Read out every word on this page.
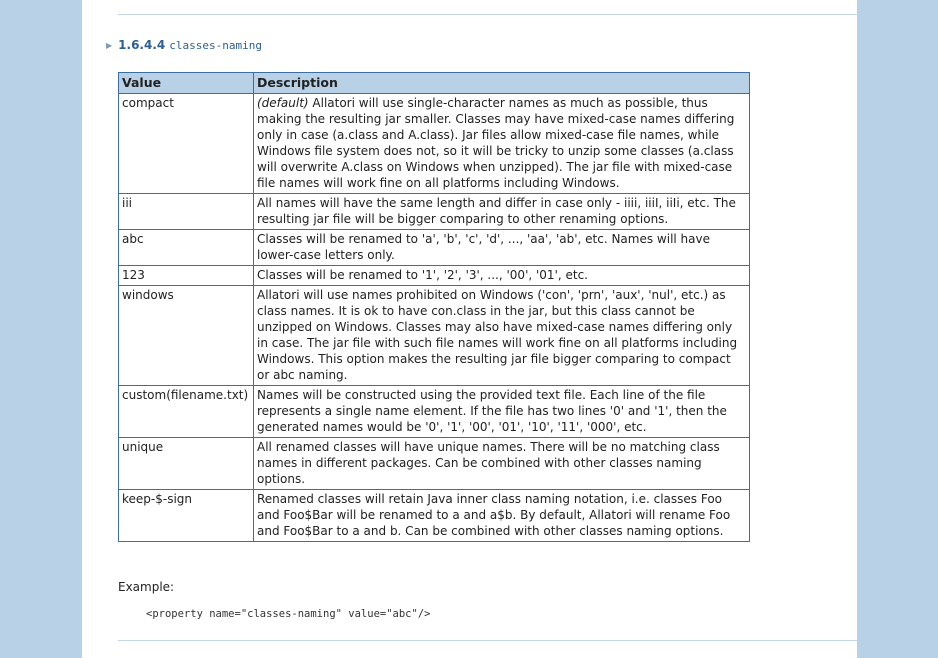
▶ 1.6.4.4 classes-naming
Value	Description
compact	(default) Allatori will use single-character names as much as possible, thus making the resulting jar smaller. Classes may have mixed-case names differing only in case (a.class and A.class). Jar files allow mixed-case file names, while Windows file system does not, so it will be tricky to unzip some classes (a.class will overwrite A.class on Windows when unzipped). The jar file with mixed-case file names will work fine on all platforms including Windows.
iii	All names will have the same length and differ in case only - iiii, iiiI, iiIi, etc. The resulting jar file will be bigger comparing to other renaming options.
abc	Classes will be renamed to 'a', 'b', 'c', 'd', ..., 'aa', 'ab', etc. Names will have lower-case letters only.
123	Classes will be renamed to '1', '2', '3', ..., '00', '01', etc.
windows	Allatori will use names prohibited on Windows ('con', 'prn', 'aux', 'nul', etc.) as class names. It is ok to have con.class in the jar, but this class cannot be unzipped on Windows. Classes may also have mixed-case names differing only in case. The jar file with such file names will work fine on all platforms including Windows. This option makes the resulting jar file bigger comparing to compact or abc naming.
custom(filename.txt)	Names will be constructed using the provided text file. Each line of the file represents a single name element. If the file has two lines '0' and '1', then the generated names would be '0', '1', '00', '01', '10', '11', '000', etc.
unique	All renamed classes will have unique names. There will be no matching class names in different packages. Can be combined with other classes naming options.
keep-$-sign	Renamed classes will retain Java inner class naming notation, i.e. classes Foo and Foo$Bar will be renamed to a and a$b. By default, Allatori will rename Foo and Foo$Bar to a and b. Can be combined with other classes naming options.
Example:
<property name="classes-naming" value="abc"/>
